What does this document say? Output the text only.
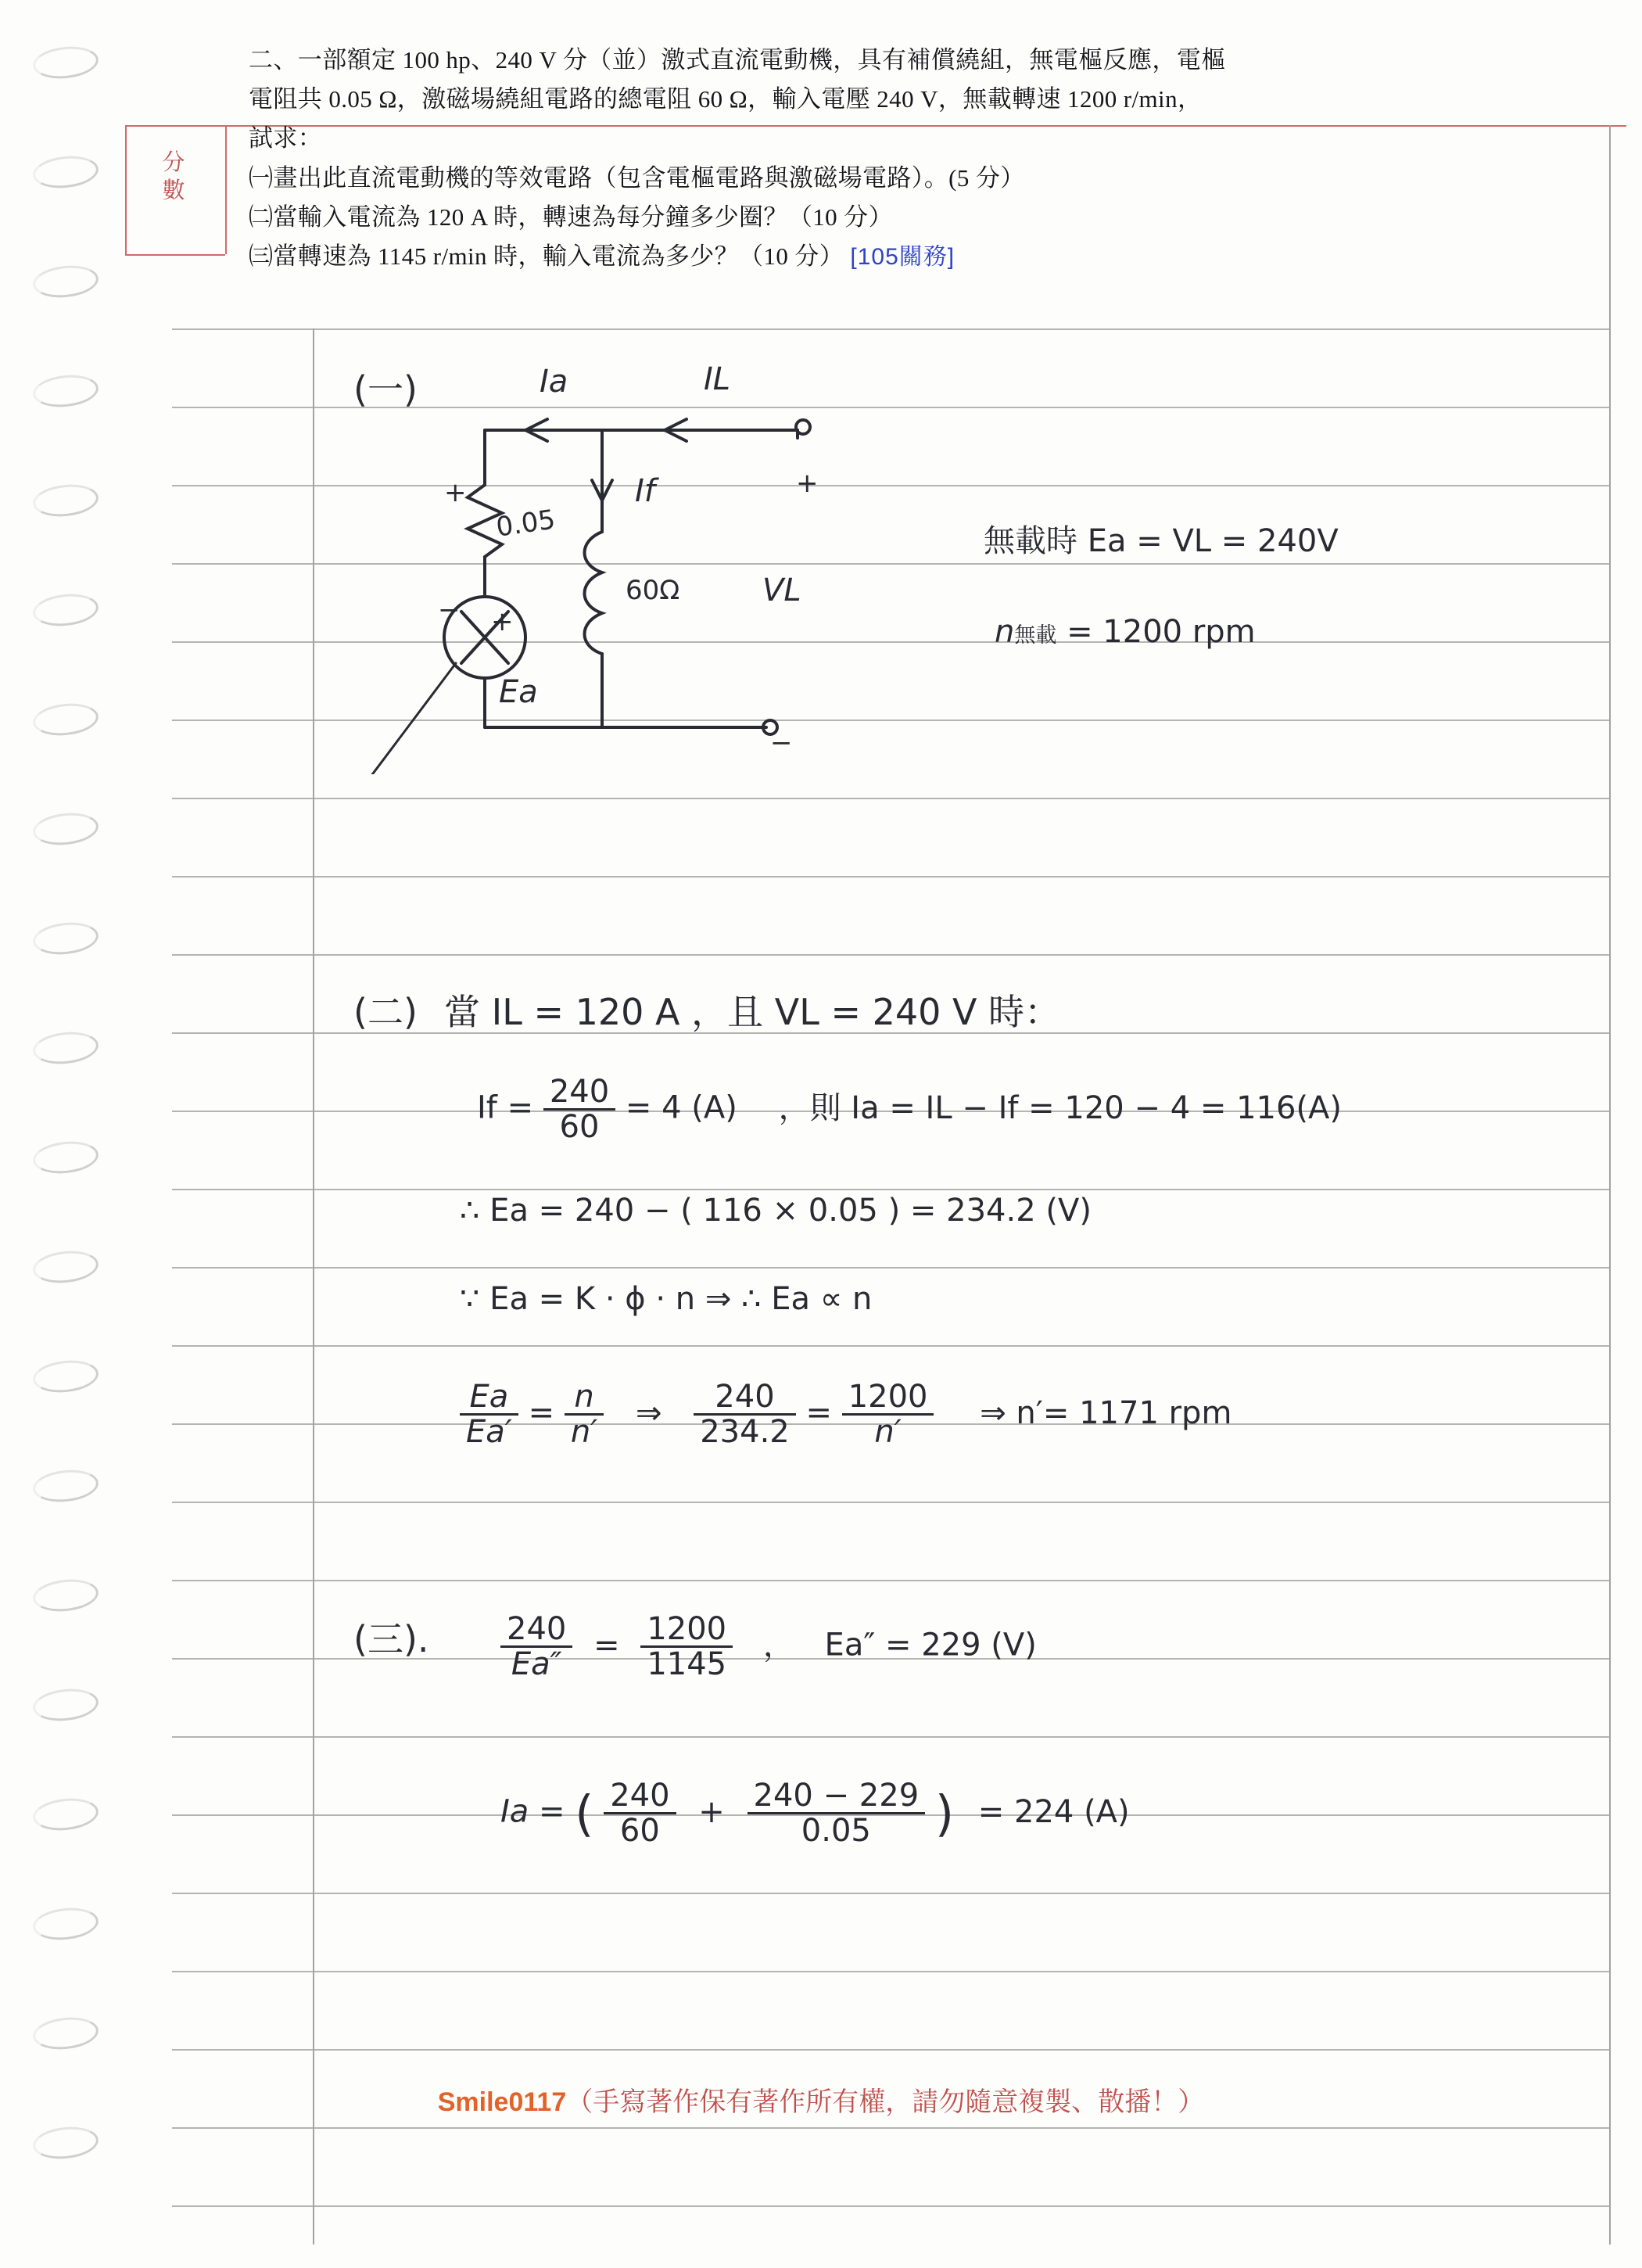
分
數
二、一部額定 100 hp、240 V 分（並）激式直流電動機，具有補償繞組，無電樞反應，電樞
電阻共 0.05 Ω，激磁場繞組電路的總電阻 60 Ω，輸入電壓 240 V，無載轉速 1200 r/min，
試求：
㈠畫出此直流電動機的等效電路（包含電樞電路與激磁場電路）。(5 分）
㈡當輸入電流為 120 A 時，轉速為每分鐘多少圈？（10 分）
㈢當轉速為 1145 r/min 時，輸入電流為多少？（10 分） [105關務]
(一)	Ia	IL
If
0.05
60Ω	VL
Ea
+
− +
−
+
−
無載時 Ea = VL = 240V
n無載 = 1200 rpm
(二) 當 IL = 120 A ，且 VL = 240 V 時：
$If = \frac{240}{60} = 4$ (A) ，則 Ia = IL − If = 120 − 4 = 116(A)
∴ Ea = 240 − ( 116 × 0.05 ) = 234.2 (V)
∵ Ea = K · ϕ · n ⇒ ∴ Ea ∝ n
$\frac{Ea}{Ea'} = \frac{n}{n'}$ ⇒ $\frac{240}{234.2} = \frac{1200}{n'}$ ⇒ n′= 1171 rpm
(三). $\frac{240}{Ea''} = \frac{1200}{1145}$ ， Ea″ = 229 (V)
Ia = ( $\frac{240}{60} + \frac{240 - 229}{0.05}$ ) = 224 (A)
Smile0117（手寫著作保有著作所有權，請勿隨意複製、散播！）
